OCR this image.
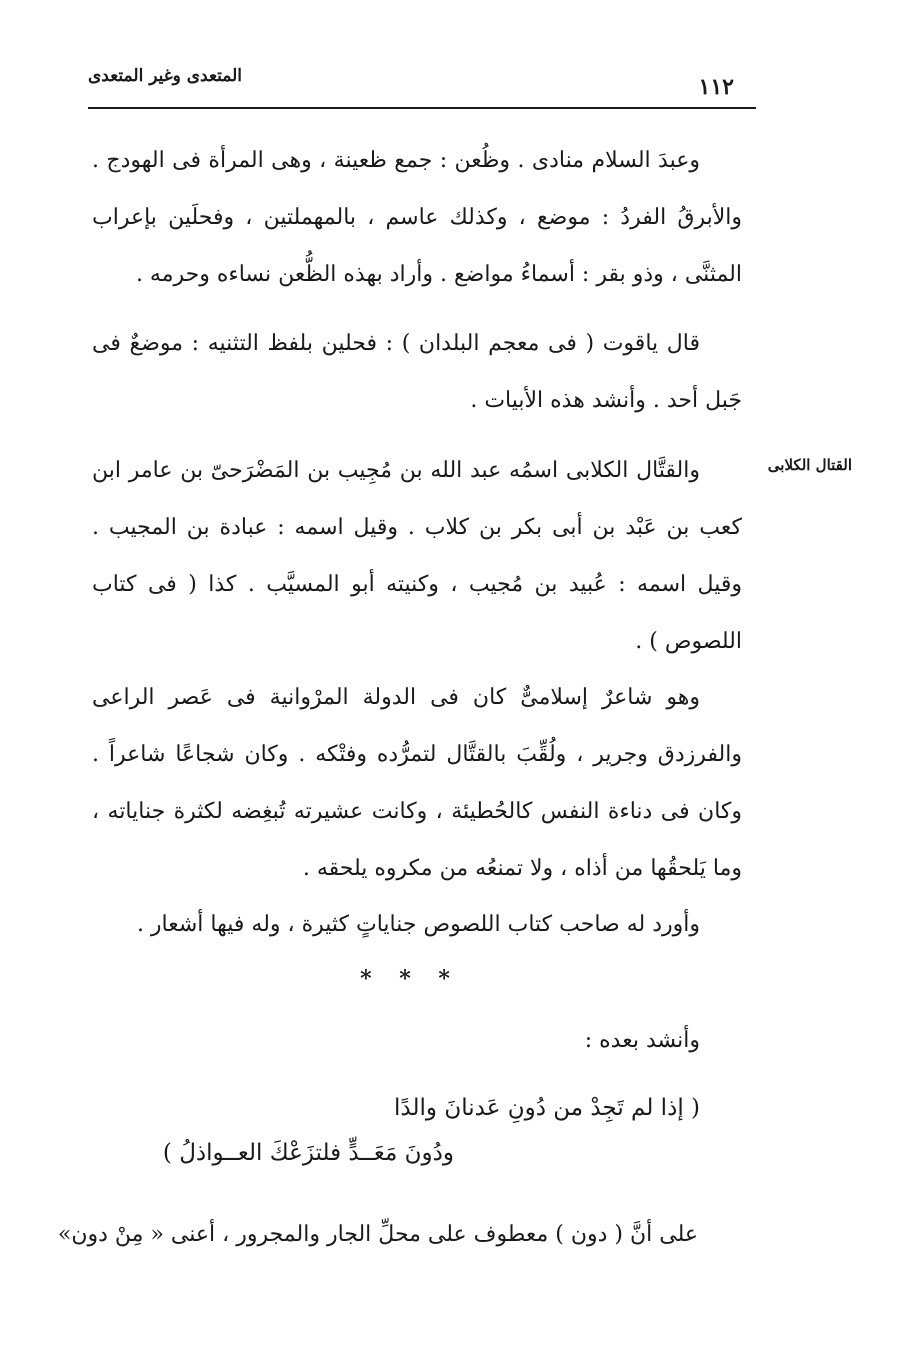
١١٢
المتعدى وغير المتعدى

وعبدَ السلام منادى . وظُعن : جمع ظعينة ، وهى المرأة فى الهودج . والأبرقُ الفردُ : موضع ، وكذلك عاسم ، بالمهملتين ، وفحلَين بإعراب المثنَّى ، وذو بقر : أسماءُ مواضع . وأراد بهذه الظُّعن نساءه وحرمه .

قال ياقوت ( فى معجم البلدان ) : فحلين بلفظ التثنيه : موضعٌ فى جَبل أحد . وأنشد هذه الأبيات .

القتال الكلابى

والقتَّال الكلابى اسمُه عبد الله بن مُجِيب بن المَضْرَحىّ بن عامر ابن كعب بن عَبْد بن أبى بكر بن كلاب . وقيل اسمه : عبادة بن المجيب . وقيل اسمه : عُبيد بن مُجيب ، وكنيته أبو المسيَّب . كذا ( فى كتاب اللصوص ) .

وهو شاعرٌ إسلامىٌّ كان فى الدولة المرْوانية فى عَصر الراعى والفرزدق وجرير ، ولُقِّبَ بالقتَّال لتمرُّده وفتْكه . وكان شجاعًا شاعراً . وكان فى دناءة النفس كالحُطيئة ، وكانت عشيرته تُبغِضه لكثرة جناياته ، وما يَلحقُها من أذاه ، ولا تمنعُه من مكروه يلحقه .

وأورد له صاحب كتاب اللصوص جناياتٍ كثيرة ، وله فيها أشعار .

* * *
وأنشد بعده :
( إذا لم تَجِدْ من دُونِ عَدنانَ والدًا
ودُونَ مَعَــدٍّ فلتزَعْكَ العــواذلُ )
على أنَّ ( دون ) معطوف على محلِّ الجار والمجرور ، أعنى « مِنْ دون»
